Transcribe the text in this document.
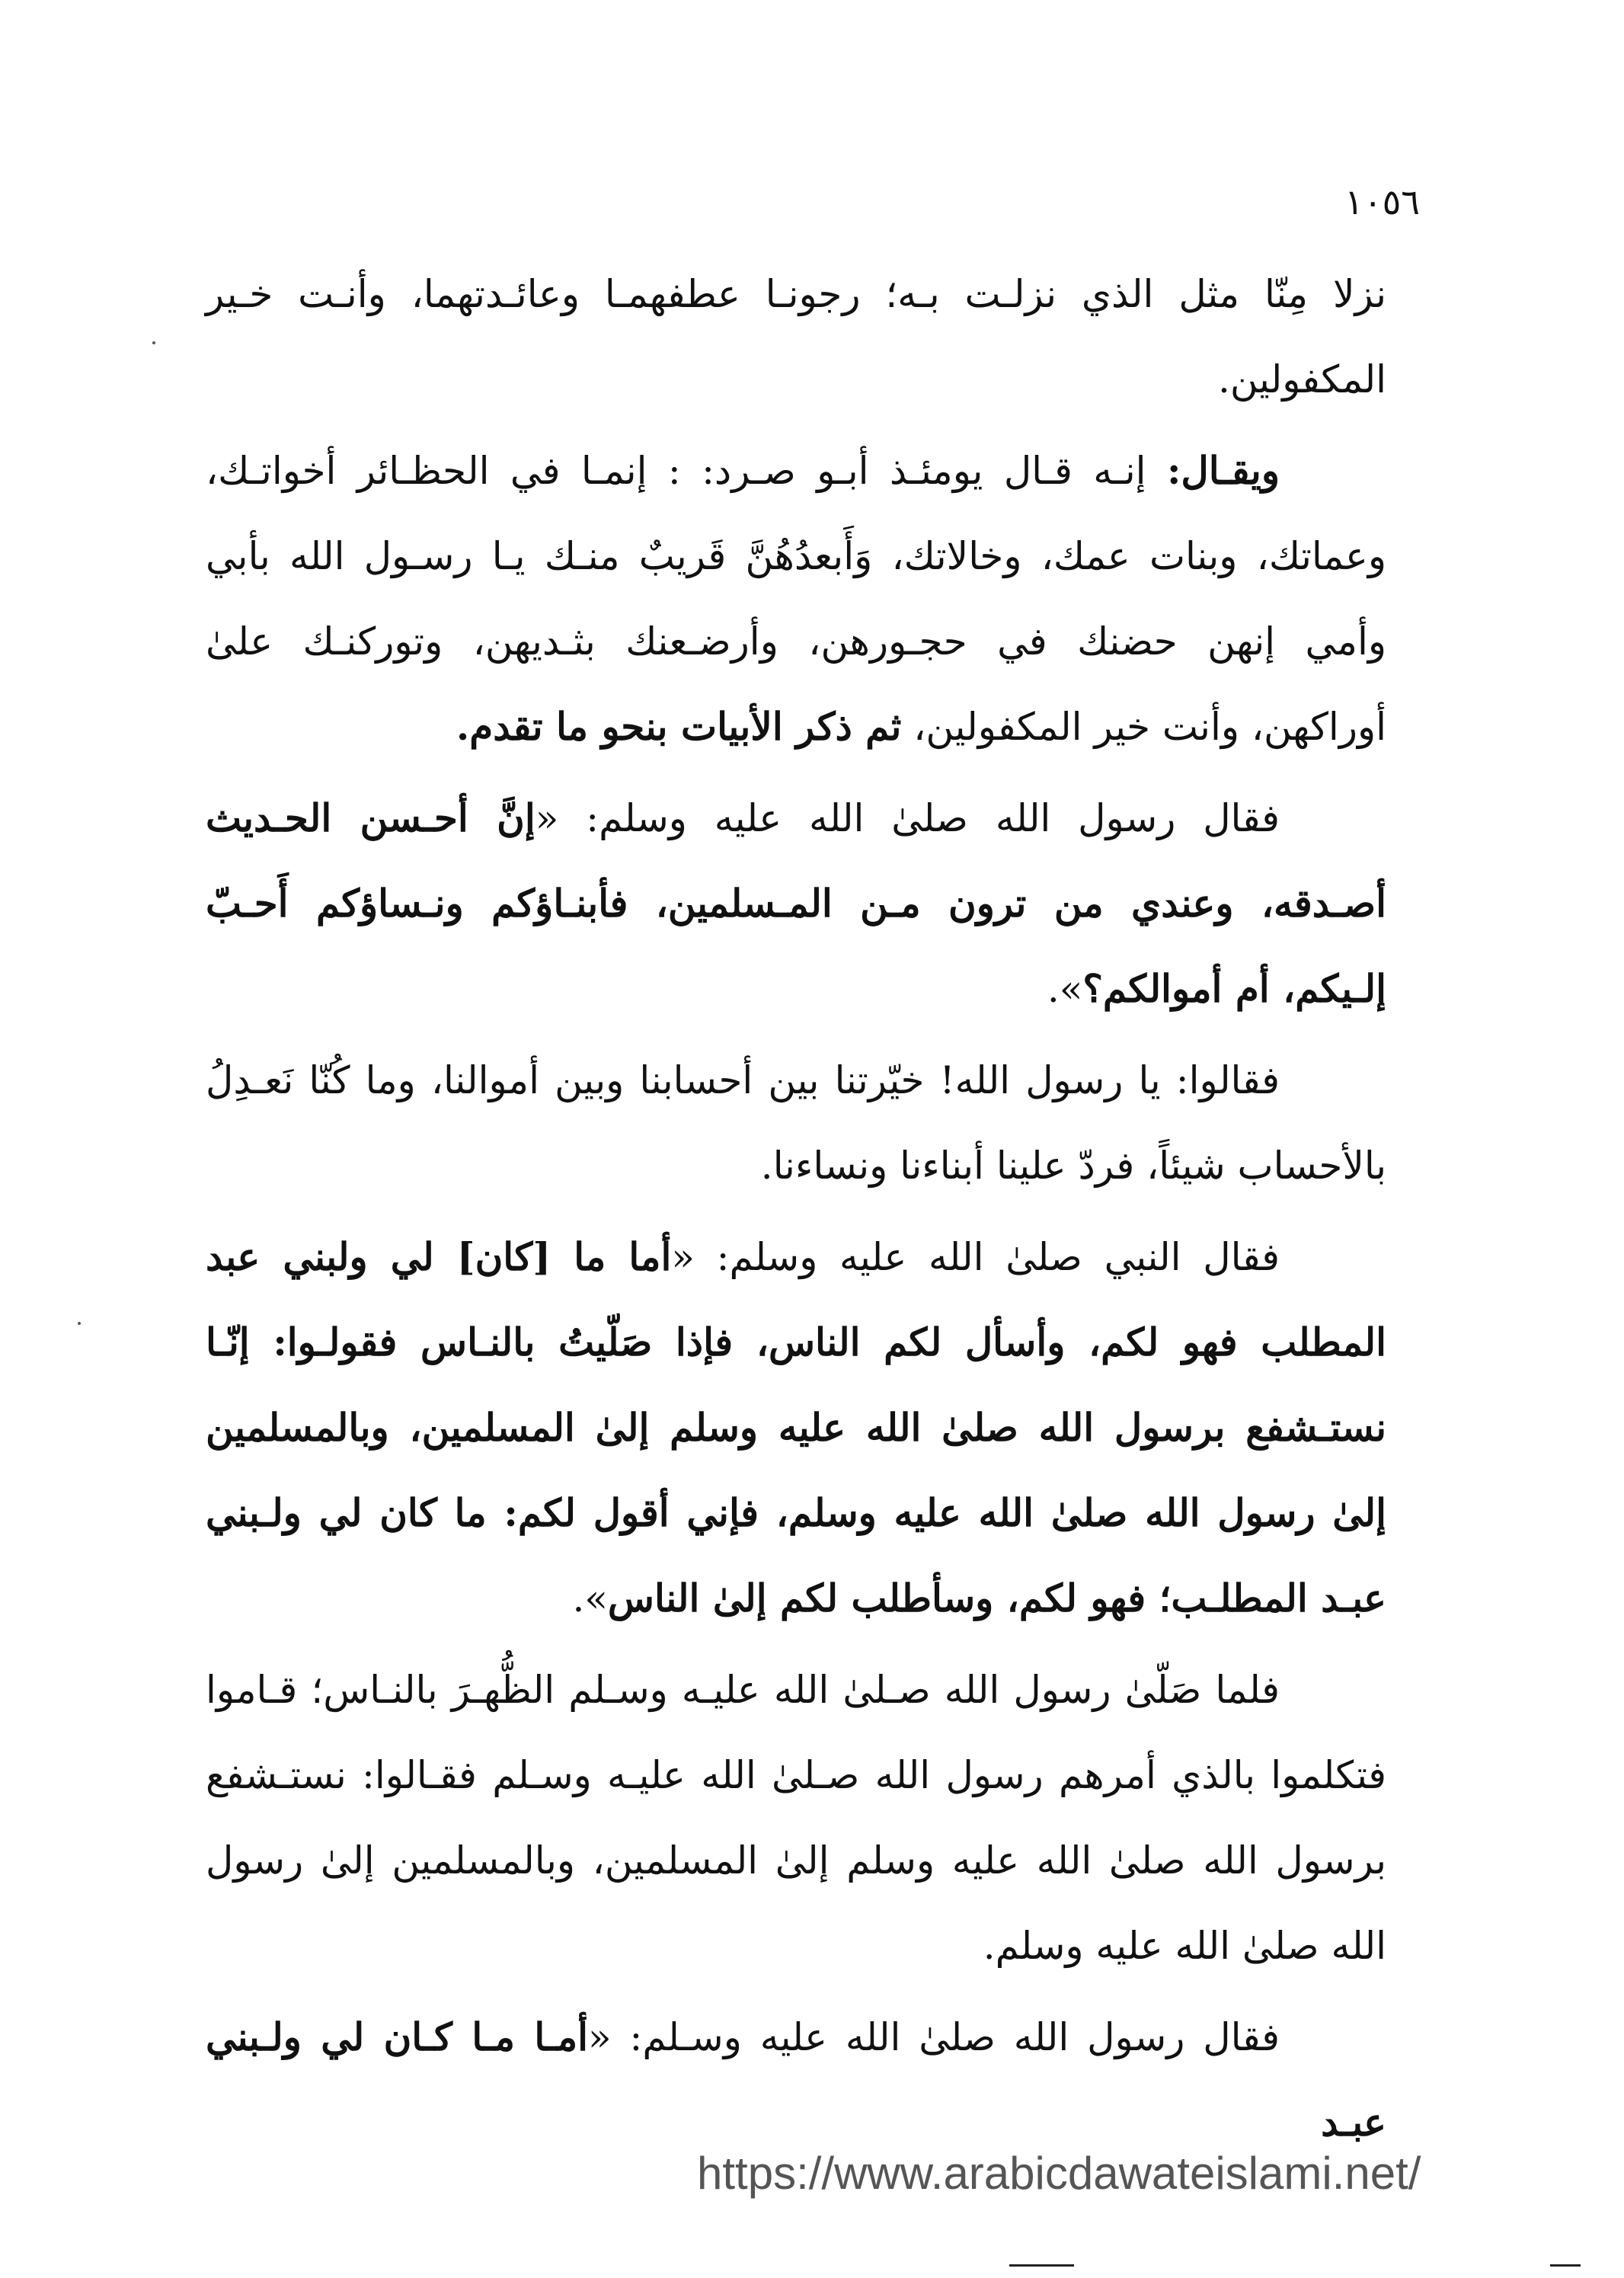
١٠٥٦

نزلا مِنّا مثل الذي نزلـت بـه؛ رجونـا عطفهمـا وعائـدتهما، وأنـت خـير المكفولين.

ويقـال: إنـه قـال يومئـذ أبـو صـرد: : إنمـا في الحظـائر أخواتـك، وعماتك، وبنات عمك، وخالاتك، وَأَبعدُهُنَّ قَريبٌ منـك يـا رسـول الله بأبي وأمي إنهن حضنك في حجـورهن، وأرضـعنك بثـديهن، وتوركنـك علىٰ أوراكهن، وأنت خير المكفولين، ثم ذكر الأبيات بنحو ما تقدم.

فقال رسول الله صلىٰ الله عليه وسلم: «إنَّ أحـسن الحـديث أصـدقه، وعندي من ترون مـن المـسلمين، فأبنـاؤكم ونـساؤكم أَحـبّ إلـيكم، أم أموالكم؟».

فقالوا: يا رسول الله! خيّرتنا بين أحسابنا وبين أموالنا، وما كُنّا نَعـدِلُ بالأحساب شيئاً، فردّ علينا أبناءنا ونساءنا.

فقال النبي صلىٰ الله عليه وسلم: «أما ما [كان] لي ولبني عبد المطلب فهو لكم، وأسأل لكم الناس، فإذا صَلّيتُ بالنـاس فقولـوا: إنّـا نستـشفع برسول الله صلىٰ الله عليه وسلم إلىٰ المسلمين، وبالمسلمين إلىٰ رسول الله صلىٰ الله عليه وسلم، فإني أقول لكم: ما كان لي ولـبني عبـد المطلـب؛ فهو لكم، وسأطلب لكم إلىٰ الناس».

فلما صَلّىٰ رسول الله صـلىٰ الله عليـه وسـلم الظُّهـرَ بالنـاس؛ قـاموا فتكلموا بالذي أمرهم رسول الله صـلىٰ الله عليـه وسـلم فقـالوا: نستـشفع برسول الله صلىٰ الله عليه وسلم إلىٰ المسلمين، وبالمسلمين إلىٰ رسول الله صلىٰ الله عليه وسلم.

فقال رسول الله صلىٰ الله عليه وسـلم: «أمـا مـا كـان لي ولـبني عبـد

https://www.arabicdawateislami.net/
